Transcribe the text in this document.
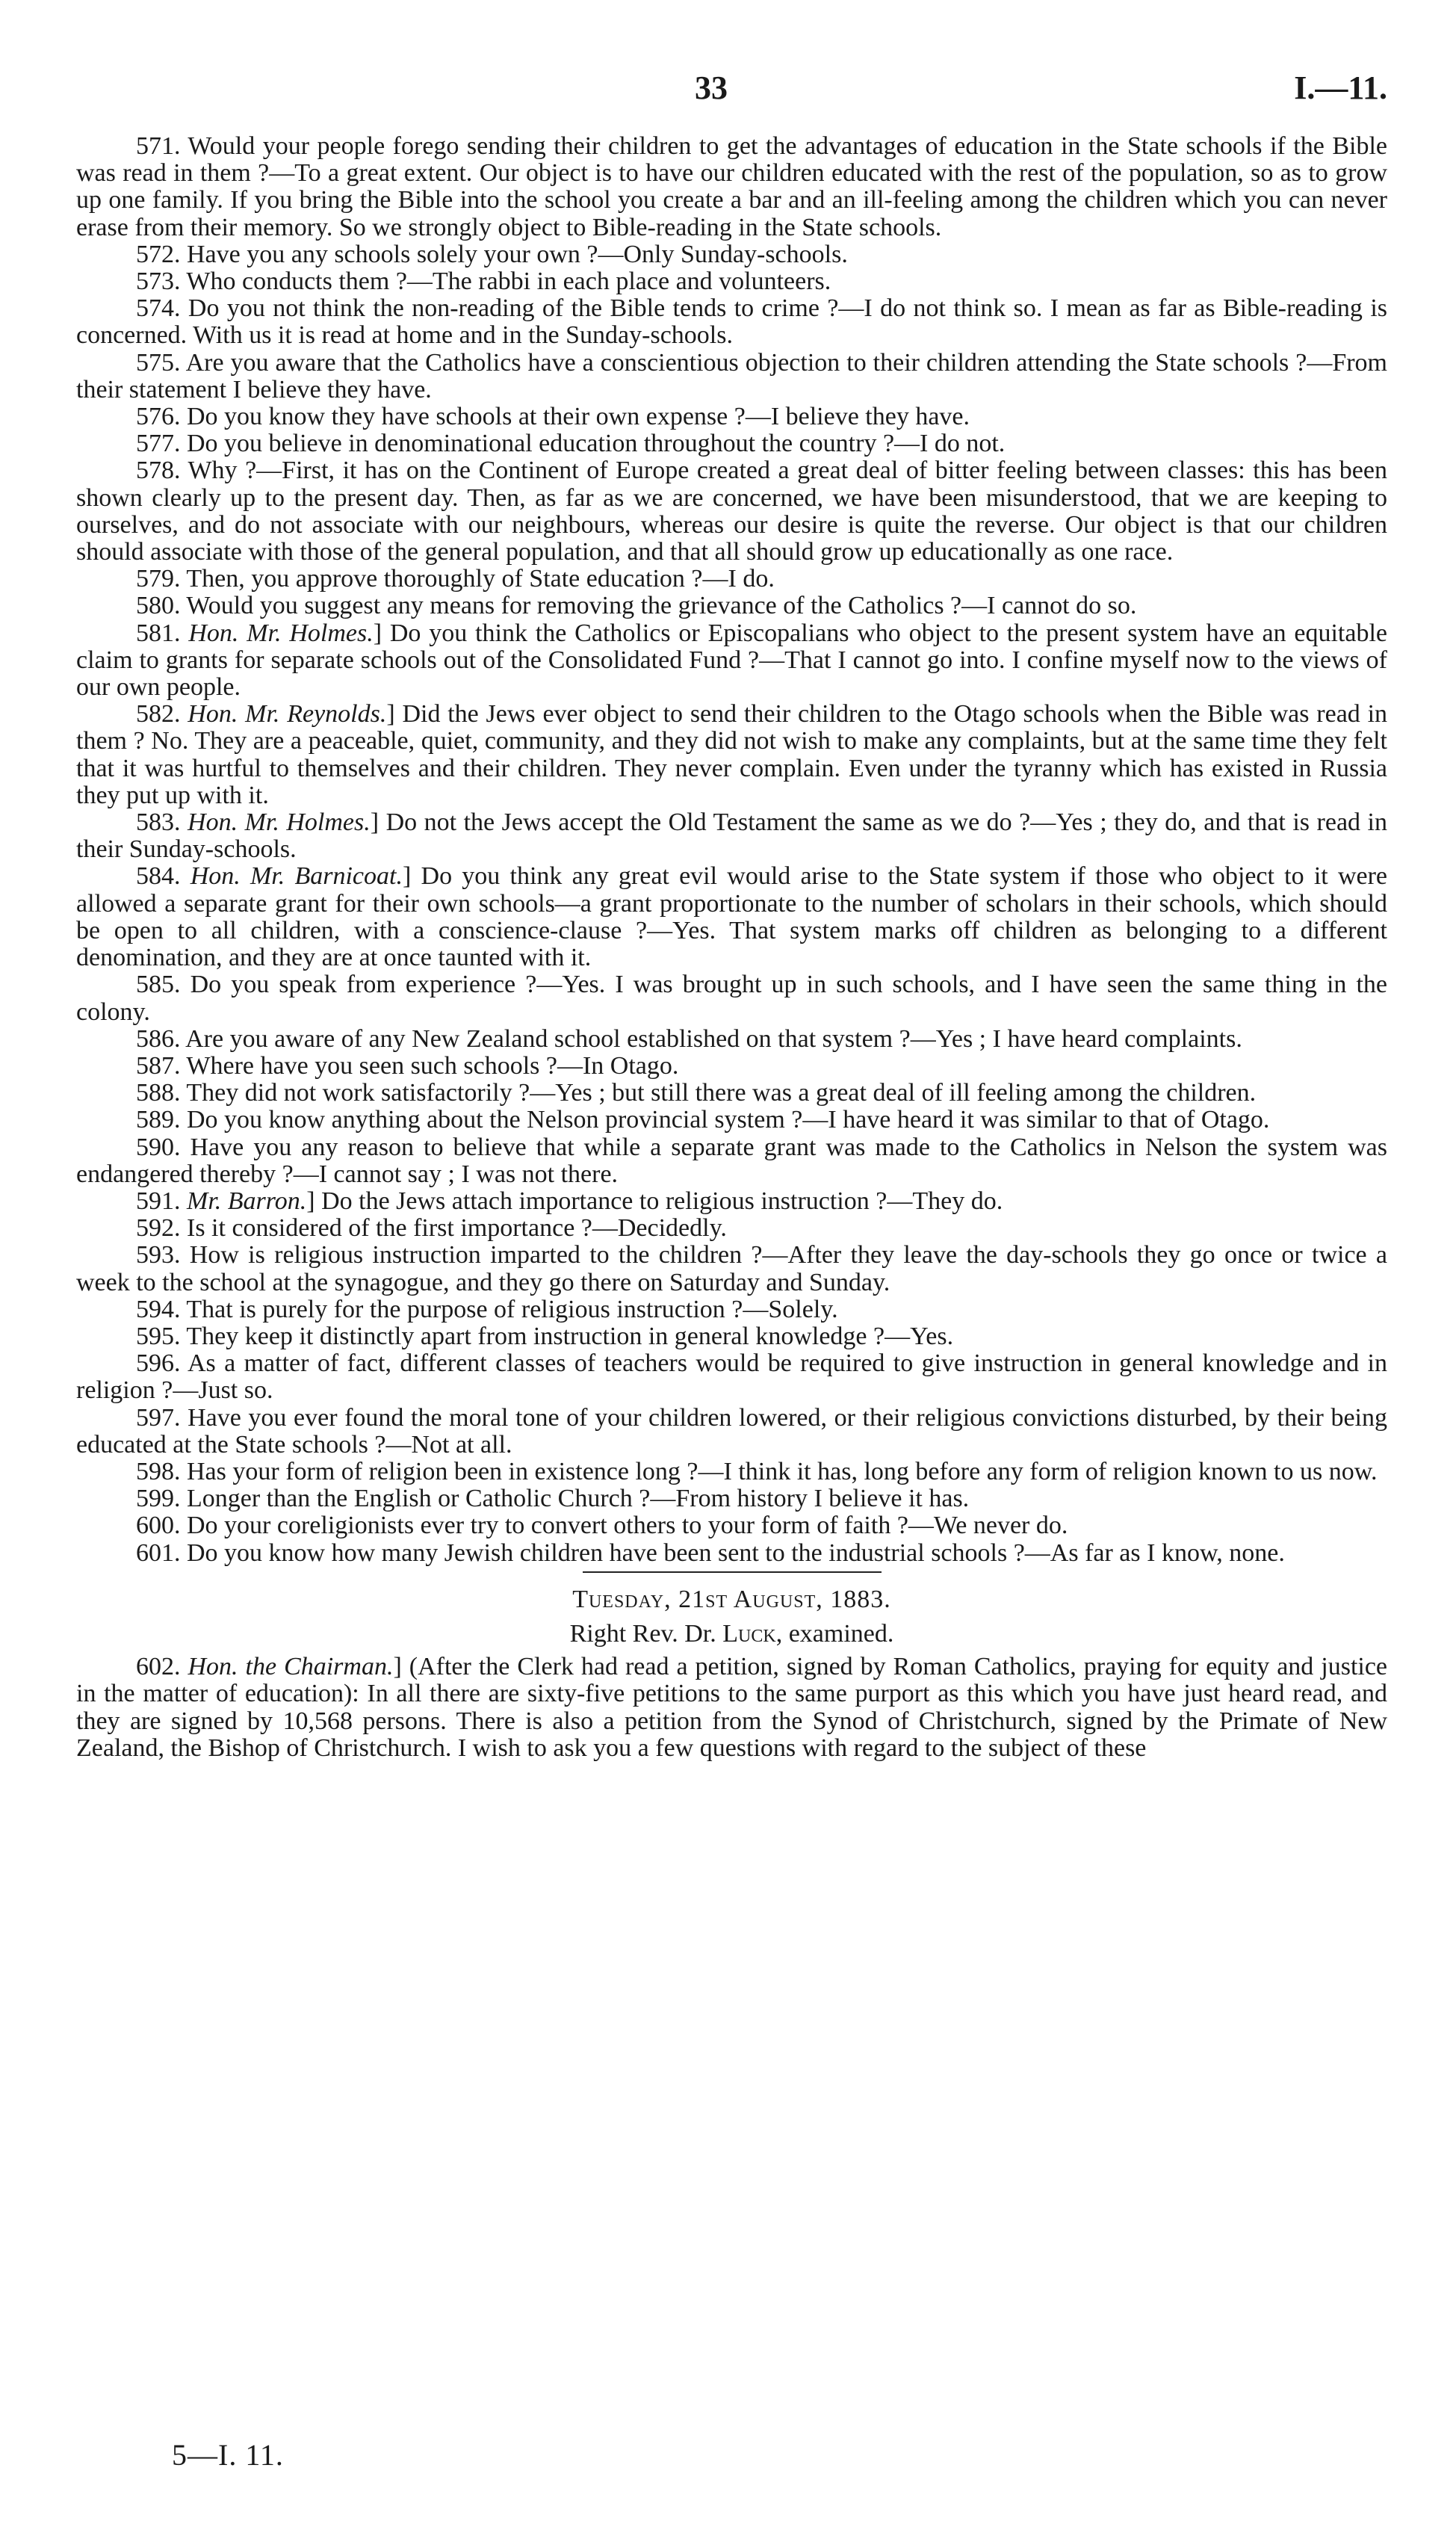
33	I.—11.

571. Would your people forego sending their children to get the advantages of education in the State schools if the Bible was read in them ?—To a great extent. Our object is to have our children educated with the rest of the population, so as to grow up one family. If you bring the Bible into the school you create a bar and an ill-feeling among the children which you can never erase from their memory. So we strongly object to Bible-reading in the State schools.

572. Have you any schools solely your own ?—Only Sunday-schools.

573. Who conducts them ?—The rabbi in each place and volunteers.

574. Do you not think the non-reading of the Bible tends to crime ?—I do not think so. I mean as far as Bible-reading is concerned. With us it is read at home and in the Sunday-schools.

575. Are you aware that the Catholics have a conscientious objection to their children attending the State schools ?—From their statement I believe they have.

576. Do you know they have schools at their own expense ?—I believe they have.

577. Do you believe in denominational education throughout the country ?—I do not.

578. Why ?—First, it has on the Continent of Europe created a great deal of bitter feeling between classes: this has been shown clearly up to the present day. Then, as far as we are concerned, we have been misunderstood, that we are keeping to ourselves, and do not associate with our neighbours, whereas our desire is quite the reverse. Our object is that our children should associate with those of the general population, and that all should grow up educationally as one race.

579. Then, you approve thoroughly of State education ?—I do.

580. Would you suggest any means for removing the grievance of the Catholics ?—I cannot do so.

581. Hon. Mr. Holmes.] Do you think the Catholics or Episcopalians who object to the present system have an equitable claim to grants for separate schools out of the Consolidated Fund ?—That I cannot go into. I confine myself now to the views of our own people.

582. Hon. Mr. Reynolds.] Did the Jews ever object to send their children to the Otago schools when the Bible was read in them ? No. They are a peaceable, quiet, community, and they did not wish to make any complaints, but at the same time they felt that it was hurtful to themselves and their children. They never complain. Even under the tyranny which has existed in Russia they put up with it.

583. Hon. Mr. Holmes.] Do not the Jews accept the Old Testament the same as we do ?—Yes ; they do, and that is read in their Sunday-schools.

584. Hon. Mr. Barnicoat.] Do you think any great evil would arise to the State system if those who object to it were allowed a separate grant for their own schools—a grant proportionate to the number of scholars in their schools, which should be open to all children, with a conscience-clause ?—Yes. That system marks off children as belonging to a different denomination, and they are at once taunted with it.

585. Do you speak from experience ?—Yes. I was brought up in such schools, and I have seen the same thing in the colony.

586. Are you aware of any New Zealand school established on that system ?—Yes ; I have heard complaints.

587. Where have you seen such schools ?—In Otago.

588. They did not work satisfactorily ?—Yes ; but still there was a great deal of ill feeling among the children.

589. Do you know anything about the Nelson provincial system ?—I have heard it was similar to that of Otago.

590. Have you any reason to believe that while a separate grant was made to the Catholics in Nelson the system was endangered thereby ?—I cannot say ; I was not there.

591. Mr. Barron.] Do the Jews attach importance to religious instruction ?—They do.

592. Is it considered of the first importance ?—Decidedly.

593. How is religious instruction imparted to the children ?—After they leave the day-schools they go once or twice a week to the school at the synagogue, and they go there on Saturday and Sunday.

594. That is purely for the purpose of religious instruction ?—Solely.

595. They keep it distinctly apart from instruction in general knowledge ?—Yes.

596. As a matter of fact, different classes of teachers would be required to give instruction in general knowledge and in religion ?—Just so.

597. Have you ever found the moral tone of your children lowered, or their religious convictions disturbed, by their being educated at the State schools ?—Not at all.

598. Has your form of religion been in existence long ?—I think it has, long before any form of religion known to us now.

599. Longer than the English or Catholic Church ?—From history I believe it has.

600. Do your coreligionists ever try to convert others to your form of faith ?—We never do.

601. Do you know how many Jewish children have been sent to the industrial schools ?—As far as I know, none.

Tuesday, 21st August, 1883.

Right Rev. Dr. Luck, examined.

602. Hon. the Chairman.] (After the Clerk had read a petition, signed by Roman Catholics, praying for equity and justice in the matter of education): In all there are sixty-five petitions to the same purport as this which you have just heard read, and they are signed by 10,568 persons. There is also a petition from the Synod of Christchurch, signed by the Primate of New Zealand, the Bishop of Christchurch. I wish to ask you a few questions with regard to the subject of these

5—I. 11.
